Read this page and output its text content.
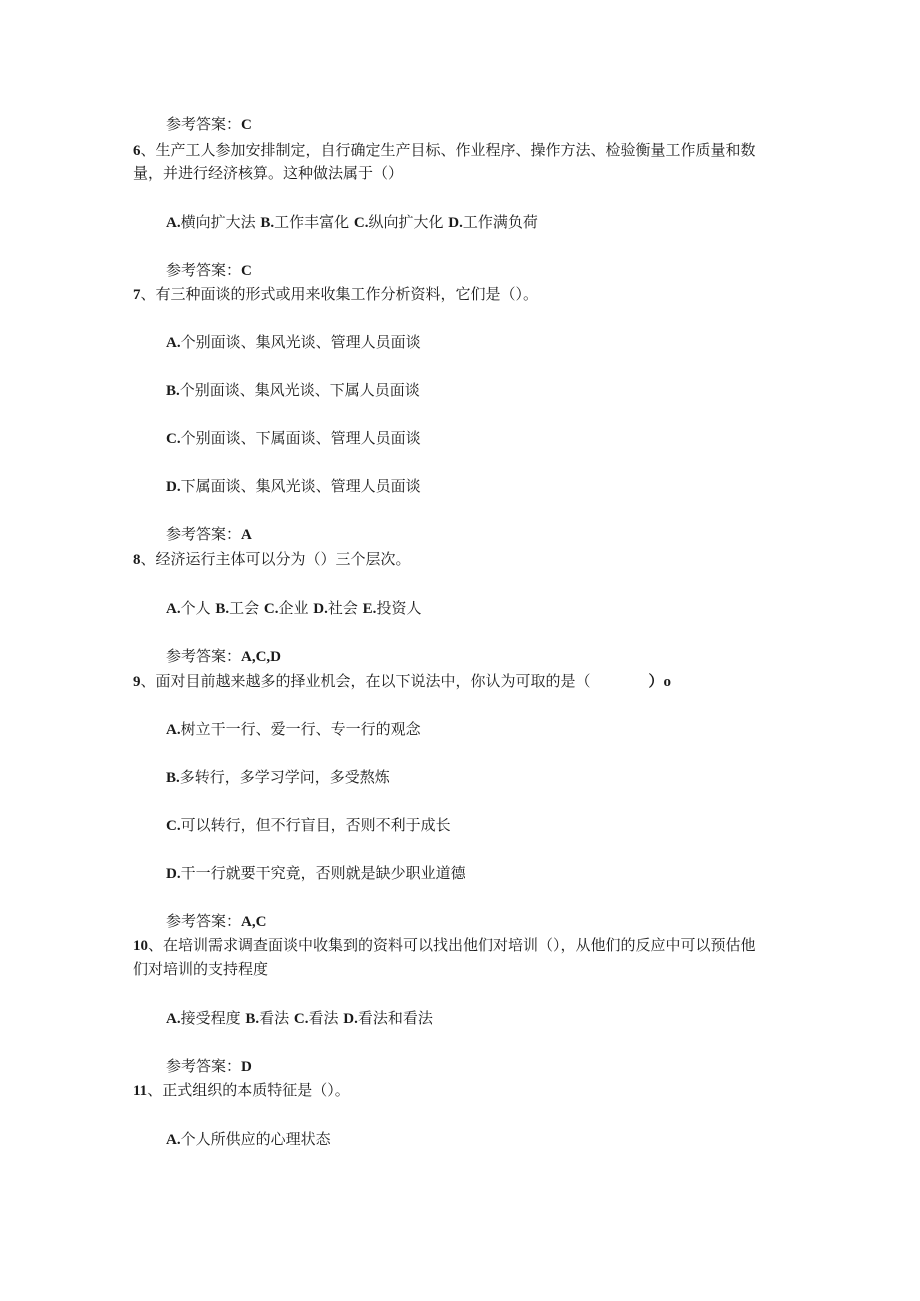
参考答案：C
6、生产工人参加安排制定，自行确定生产目标、作业程序、操作方法、检验衡量工作质量和数
量，并进行经济核算。这种做法属于（）
A.横向扩大法 B.工作丰富化 C.纵向扩大化 D.工作满负荷
参考答案：C
7、有三种面谈的形式或用来收集工作分析资料，它们是（）。
A.个别面谈、集风光谈、管理人员面谈
B.个别面谈、集风光谈、下属人员面谈
C.个别面谈、下属面谈、管理人员面谈
D.下属面谈、集风光谈、管理人员面谈
参考答案：A
8、经济运行主体可以分为（）三个层次。
A.个人 B.工会 C.企业 D.社会 E.投资人
参考答案：A,C,D
9、面对目前越来越多的择业机会，在以下说法中，你认为可取的是（	）o
A.树立干一行、爱一行、专一行的观念
B.多转行，多学习学问，多受熬炼
C.可以转行，但不行盲目，否则不利于成长
D.干一行就要干究竟，否则就是缺少职业道德
参考答案：A,C
10、在培训需求调查面谈中收集到的资料可以找出他们对培训（），从他们的反应中可以预估他
们对培训的支持程度
A.接受程度 B.看法 C.看法 D.看法和看法
参考答案：D
11、正式组织的本质特征是（）。
A.个人所供应的心理状态
